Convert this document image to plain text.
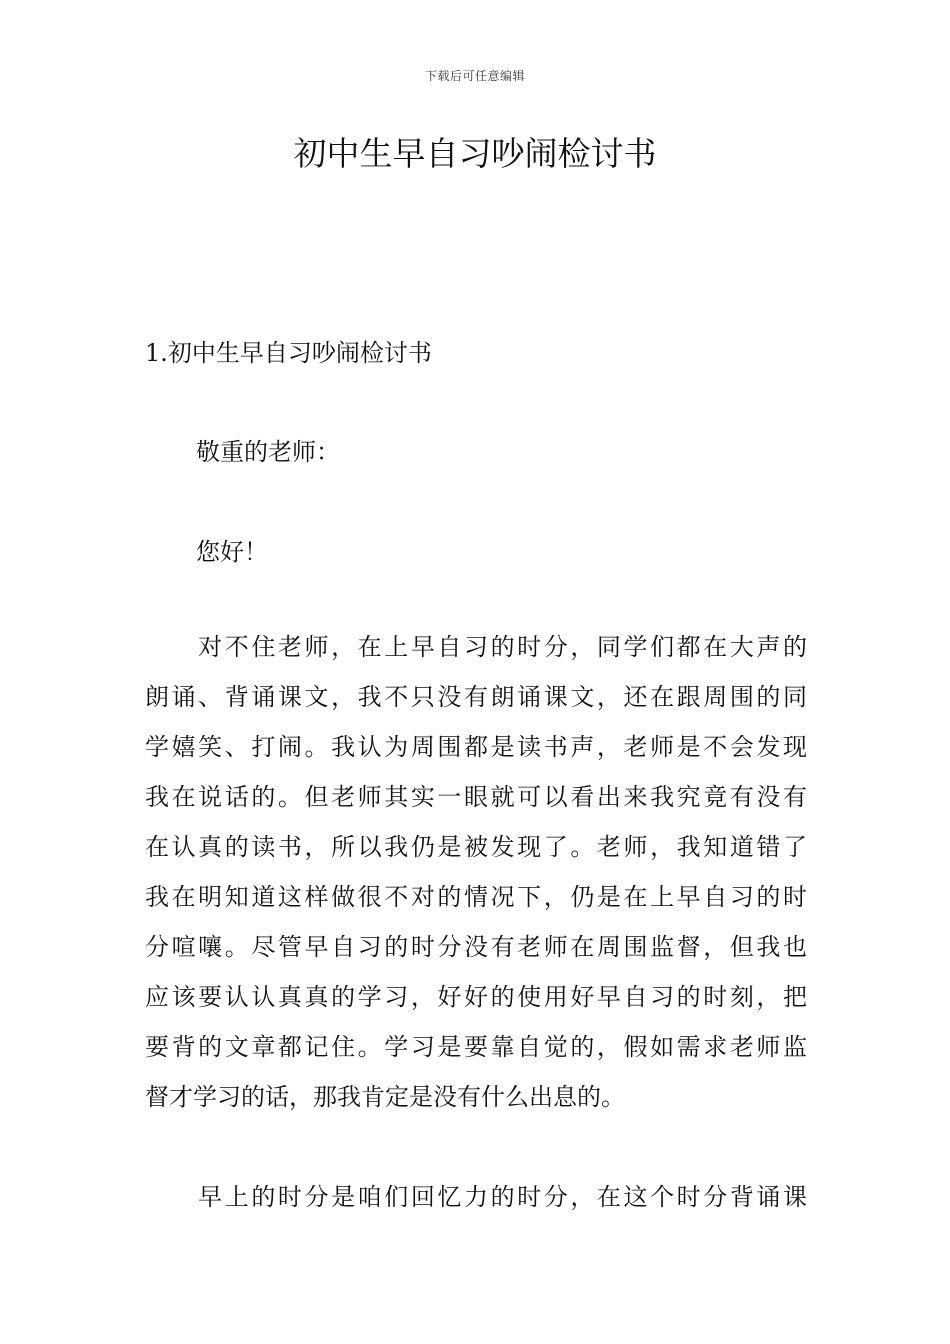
下载后可任意编辑
初中生早自习吵闹检讨书
1.初中生早自习吵闹检讨书

敬重的老师：

您好！

　　对不住老师，在上早自习的时分，同学们都在大声的
朗诵、背诵课文，我不只没有朗诵课文，还在跟周围的同
学嬉笑、打闹。我认为周围都是读书声，老师是不会发现
我在说话的。但老师其实一眼就可以看出来我究竟有没有
在认真的读书，所以我仍是被发现了。老师，我知道错了
我在明知道这样做很不对的情况下，仍是在上早自习的时
分喧嚷。尽管早自习的时分没有老师在周围监督，但我也
应该要认认真真的学习，好好的使用好早自习的时刻，把
要背的文章都记住。学习是要靠自觉的，假如需求老师监
督才学习的话，那我肯定是没有什么出息的。

　　早上的时分是咱们回忆力的时分，在这个时分背诵课
